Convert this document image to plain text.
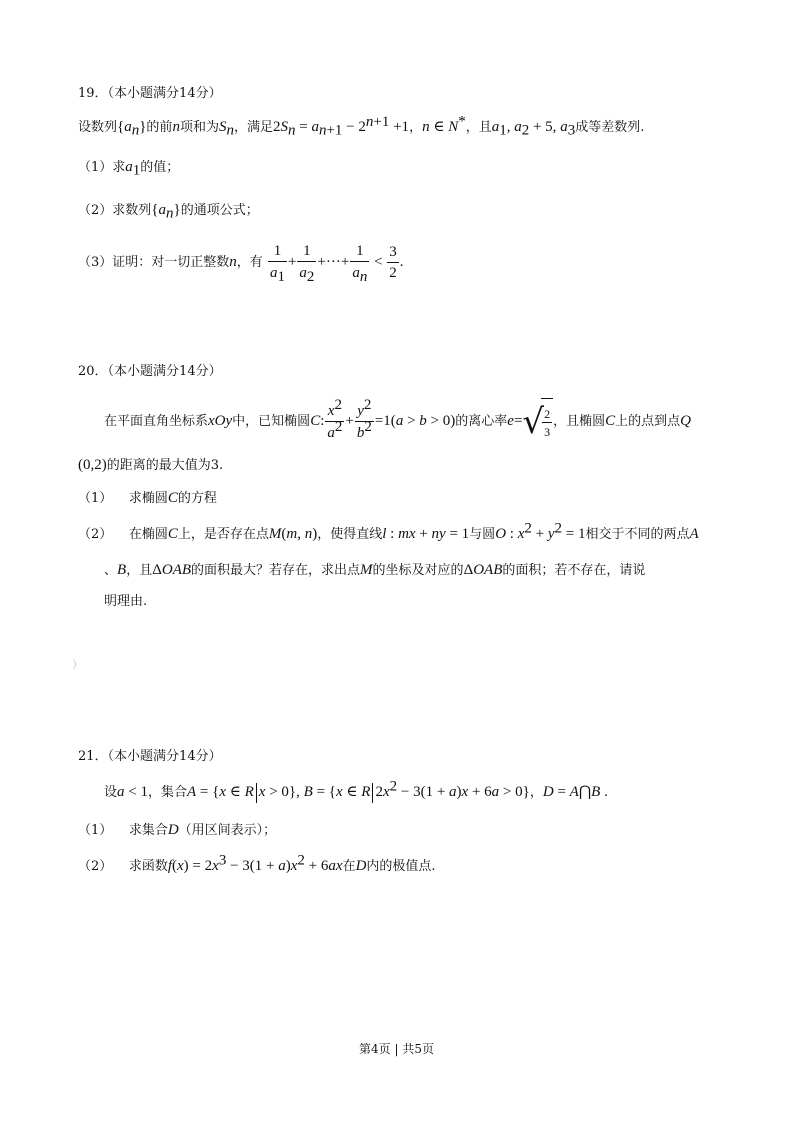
19．（本小题满分14分）
设数列$\{a_n\}$的前n项和为$S_n$，满足$2S_n = a_{n+1} - 2^{n+1} +1$，n ∈ N*，且$a_1$, $a_2 + 5$, $a_3$成等差数列.
（1）求$a_1$的值；
（2）求数列$\{a_n\}$的通项公式；
（3）证明：对一切正整数n，有 $\frac{1}{a_1} + \frac{1}{a_2}$ +···+ $\frac{1}{a_n} < \frac{3}{2}$ .
20．（本小题满分14分）
在平面直角坐标系xOy中，已知椭圆C: $\frac{x^2}{a^2} + \frac{y^2}{b^2} =1(a > b > 0)$的离心率e=√
$\frac{2}{3}$ ，且椭圆C上的点到点Q
(0,2)的距离的最大值为3.
（1） 求椭圆C的方程
（2） 在椭圆C上，是否存在点M(m, n)，使得直线l : mx + ny = 1与圆O : $x^2 + y^2 = 1$相交于不同的两点A
、B，且ΔOAB的面积最大？若存在，求出点M的坐标及对应的ΔOAB的面积；若不存在，请说
明理由.
）
21．（本小题满分14分）
设a < 1，集合A = {x ∈ R x > 0}, B = {x ∈ R $2x^2 - 3(1 + a)x + 6a > 0$}，D = A⋂B .
（1） 求集合D（用区间表示）；
（2） 求函数$f(x) = 2x^3 - 3(1 + a)x^2 + 6ax$在D内的极值点.
第4页 | 共5页
